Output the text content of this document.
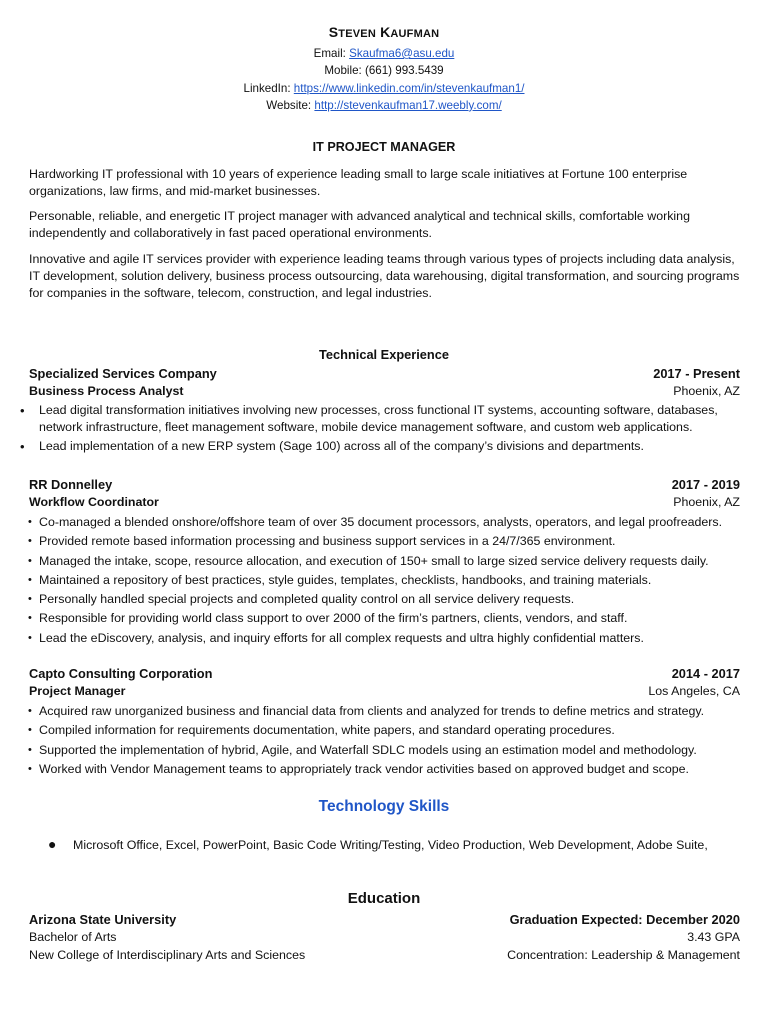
STEVEN KAUFMAN
Email: Skaufma6@asu.edu
Mobile: (661) 993.5439
LinkedIn: https://www.linkedin.com/in/stevenkaufman1/
Website: http://stevenkaufman17.weebly.com/
IT PROJECT MANAGER

Hardworking IT professional with 10 years of experience leading small to large scale initiatives at Fortune 100 enterprise organizations, law firms, and mid-market businesses.

Personable, reliable, and energetic IT project manager with advanced analytical and technical skills, comfortable working independently and collaboratively in fast paced operational environments.

Innovative and agile IT services provider with experience leading teams through various types of projects including data analysis, IT development, solution delivery, business process outsourcing, data warehousing, digital transformation, and sourcing programs for companies in the software, telecom, construction, and legal industries.

Technical Experience
Specialized Services Company	2017 - Present
Business Process Analyst	Phoenix, AZ
• Lead digital transformation initiatives involving new processes, cross functional IT systems, accounting software, databases, network infrastructure, fleet management software, mobile device management software, and custom web applications.
• Lead implementation of a new ERP system (Sage 100) across all of the company’s divisions and departments.
RR Donnelley	2017 - 2019
Workflow Coordinator	Phoenix, AZ
• Co-managed a blended onshore/offshore team of over 35 document processors, analysts, operators, and legal proofreaders.
• Provided remote based information processing and business support services in a 24/7/365 environment.
• Managed the intake, scope, resource allocation, and execution of 150+ small to large sized service delivery requests daily.
• Maintained a repository of best practices, style guides, templates, checklists, handbooks, and training materials.
• Personally handled special projects and completed quality control on all service delivery requests.
• Responsible for providing world class support to over 2000 of the firm’s partners, clients, vendors, and staff.
• Lead the eDiscovery, analysis, and inquiry efforts for all complex requests and ultra highly confidential matters.
Capto Consulting Corporation	2014 - 2017
Project Manager	Los Angeles, CA
• Acquired raw unorganized business and financial data from clients and analyzed for trends to define metrics and strategy.
• Compiled information for requirements documentation, white papers, and standard operating procedures.
• Supported the implementation of hybrid, Agile, and Waterfall SDLC models using an estimation model and methodology.
• Worked with Vendor Management teams to appropriately track vendor activities based on approved budget and scope.
Technology Skills
● Microsoft Office, Excel, PowerPoint, Basic Code Writing/Testing, Video Production, Web Development, Adobe Suite,
Education
Arizona State University	Graduation Expected: December 2020
Bachelor of Arts	3.43 GPA
New College of Interdisciplinary Arts and Sciences	Concentration: Leadership & Management
